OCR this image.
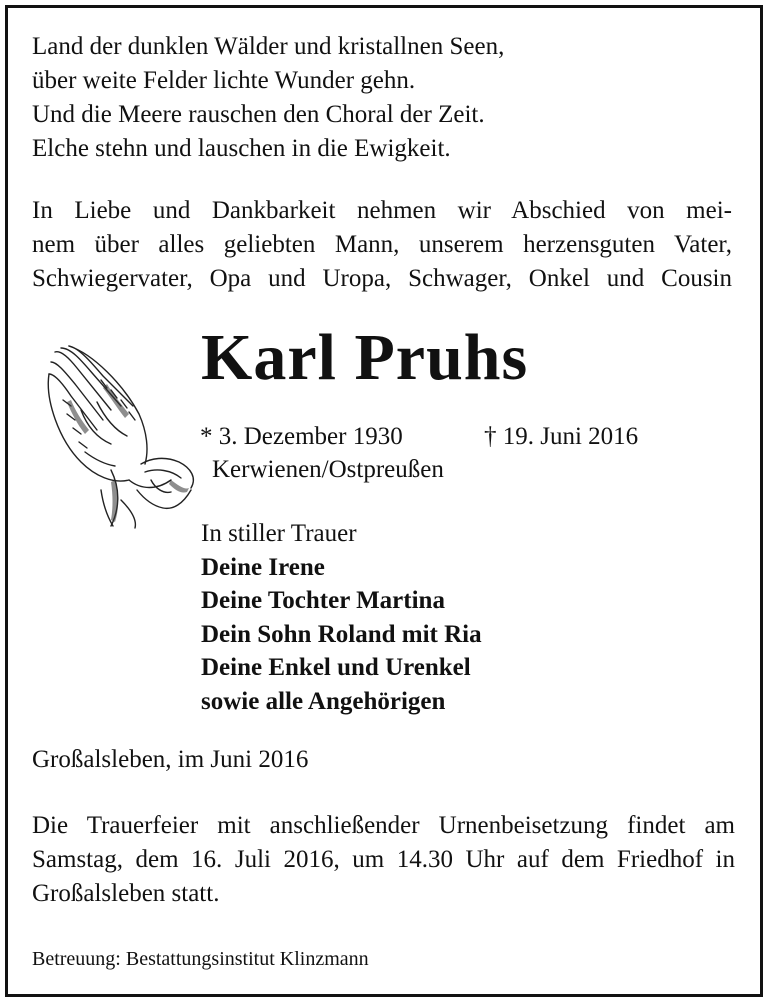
Land der dunklen Wälder und kristallnen Seen,
über weite Felder lichte Wunder gehn.
Und die Meere rauschen den Choral der Zeit.
Elche stehn und lauschen in die Ewigkeit.
In Liebe und Dankbarkeit nehmen wir Abschied von mei-
nem über alles geliebten Mann, unserem herzensguten Vater,
Schwiegervater, Opa und Uropa, Schwager, Onkel und Cousin
Karl Pruhs
* 3. Dezember 1930	† 19. Juni 2016
Kerwienen/Ostpreußen
In stiller Trauer
Deine Irene
Deine Tochter Martina
Dein Sohn Roland mit Ria
Deine Enkel und Urenkel
sowie alle Angehörigen
Großalsleben, im Juni 2016
Die Trauerfeier mit anschließender Urnenbeisetzung findet am
Samstag, dem 16. Juli 2016, um 14.30 Uhr auf dem Friedhof in
Großalsleben statt.
Betreuung: Bestattungsinstitut Klinzmann
